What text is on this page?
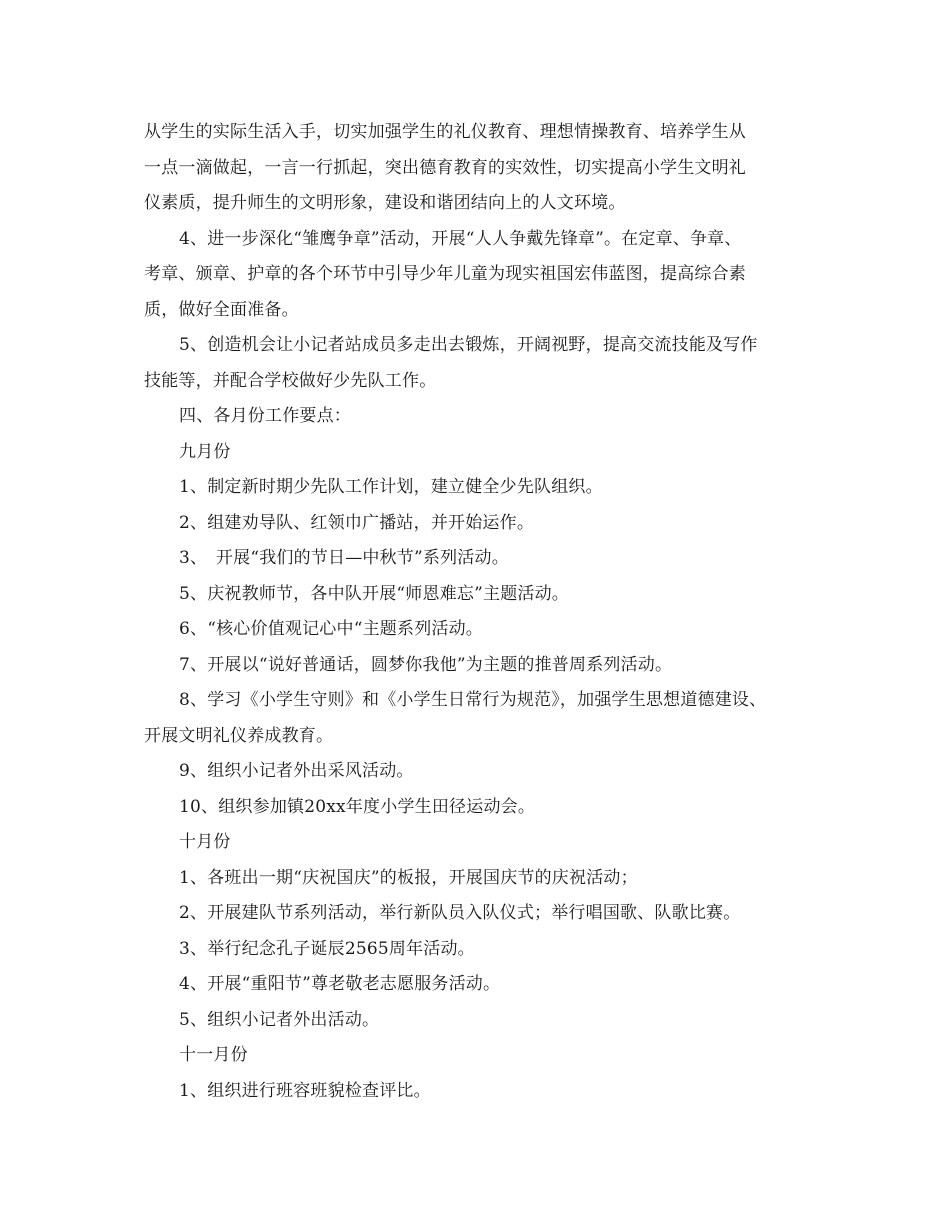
从学生的实际生活入手，切实加强学生的礼仪教育、理想情操教育、培养学生从
一点一滴做起，一言一行抓起，突出德育教育的实效性，切实提高小学生文明礼
仪素质，提升师生的文明形象，建设和谐团结向上的人文环境。
4、进一步深化“雏鹰争章”活动，开展“人人争戴先锋章”。在定章、争章、
考章、颁章、护章的各个环节中引导少年儿童为现实祖国宏伟蓝图，提高综合素
质，做好全面准备。
5、创造机会让小记者站成员多走出去锻炼，开阔视野，提高交流技能及写作
技能等，并配合学校做好少先队工作。
四、各月份工作要点：
九月份
1、制定新时期少先队工作计划，建立健全少先队组织。
2、组建劝导队、红领巾广播站，并开始运作。
3、　开展“我们的节日—中秋节”系列活动。
5、庆祝教师节，各中队开展“师恩难忘”主题活动。
6、“核心价值观记心中“主题系列活动。
7、开展以“说好普通话，圆梦你我他”为主题的推普周系列活动。
8、学习《小学生守则》和《小学生日常行为规范》，加强学生思想道德建设、
开展文明礼仪养成教育。
9、组织小记者外出采风活动。
10、组织参加镇20xx年度小学生田径运动会。
十月份
1、各班出一期“庆祝国庆”的板报，开展国庆节的庆祝活动；
2、开展建队节系列活动，举行新队员入队仪式；举行唱国歌、队歌比赛。
3、举行纪念孔子诞辰2565周年活动。
4、开展“重阳节”尊老敬老志愿服务活动。
5、组织小记者外出活动。
十一月份
1、组织进行班容班貌检查评比。
